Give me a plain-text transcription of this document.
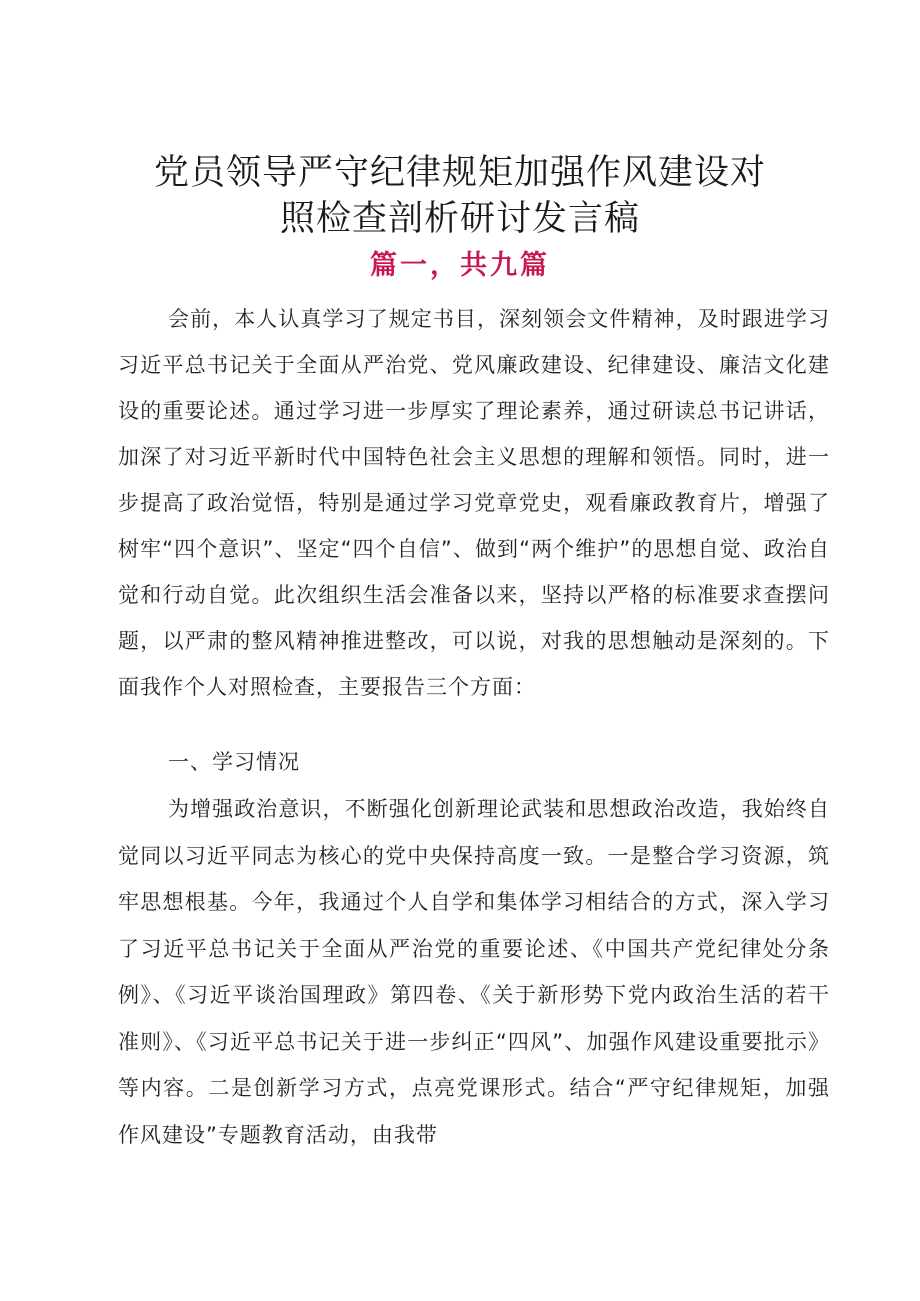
党员领导严守纪律规矩加强作风建设对
照检查剖析研讨发言稿
篇一，共九篇

会前，本人认真学习了规定书目，深刻领会文件精神，及时跟进学习习近平总书记关于全面从严治党、党风廉政建设、纪律建设、廉洁文化建设的重要论述。通过学习进一步厚实了理论素养，通过研读总书记讲话，加深了对习近平新时代中国特色社会主义思想的理解和领悟。同时，进一步提高了政治觉悟，特别是通过学习党章党史，观看廉政教育片，增强了树牢“四个意识”、坚定“四个自信”、做到“两个维护”的思想自觉、政治自觉和行动自觉。此次组织生活会准备以来，坚持以严格的标准要求查摆问题，以严肃的整风精神推进整改，可以说，对我的思想触动是深刻的。下面我作个人对照检查，主要报告三个方面：

一、学习情况

为增强政治意识，不断强化创新理论武装和思想政治改造，我始终自觉同以习近平同志为核心的党中央保持高度一致。一是整合学习资源，筑牢思想根基。今年，我通过个人自学和集体学习相结合的方式，深入学习了习近平总书记关于全面从严治党的重要论述、《中国共产党纪律处分条例》、《习近平谈治国理政》第四卷、《关于新形势下党内政治生活的若干准则》、《习近平总书记关于进一步纠正“四风”、加强作风建设重要批示》等内容。二是创新学习方式，点亮党课形式。结合“严守纪律规矩，加强作风建设”专题教育活动，由我带
